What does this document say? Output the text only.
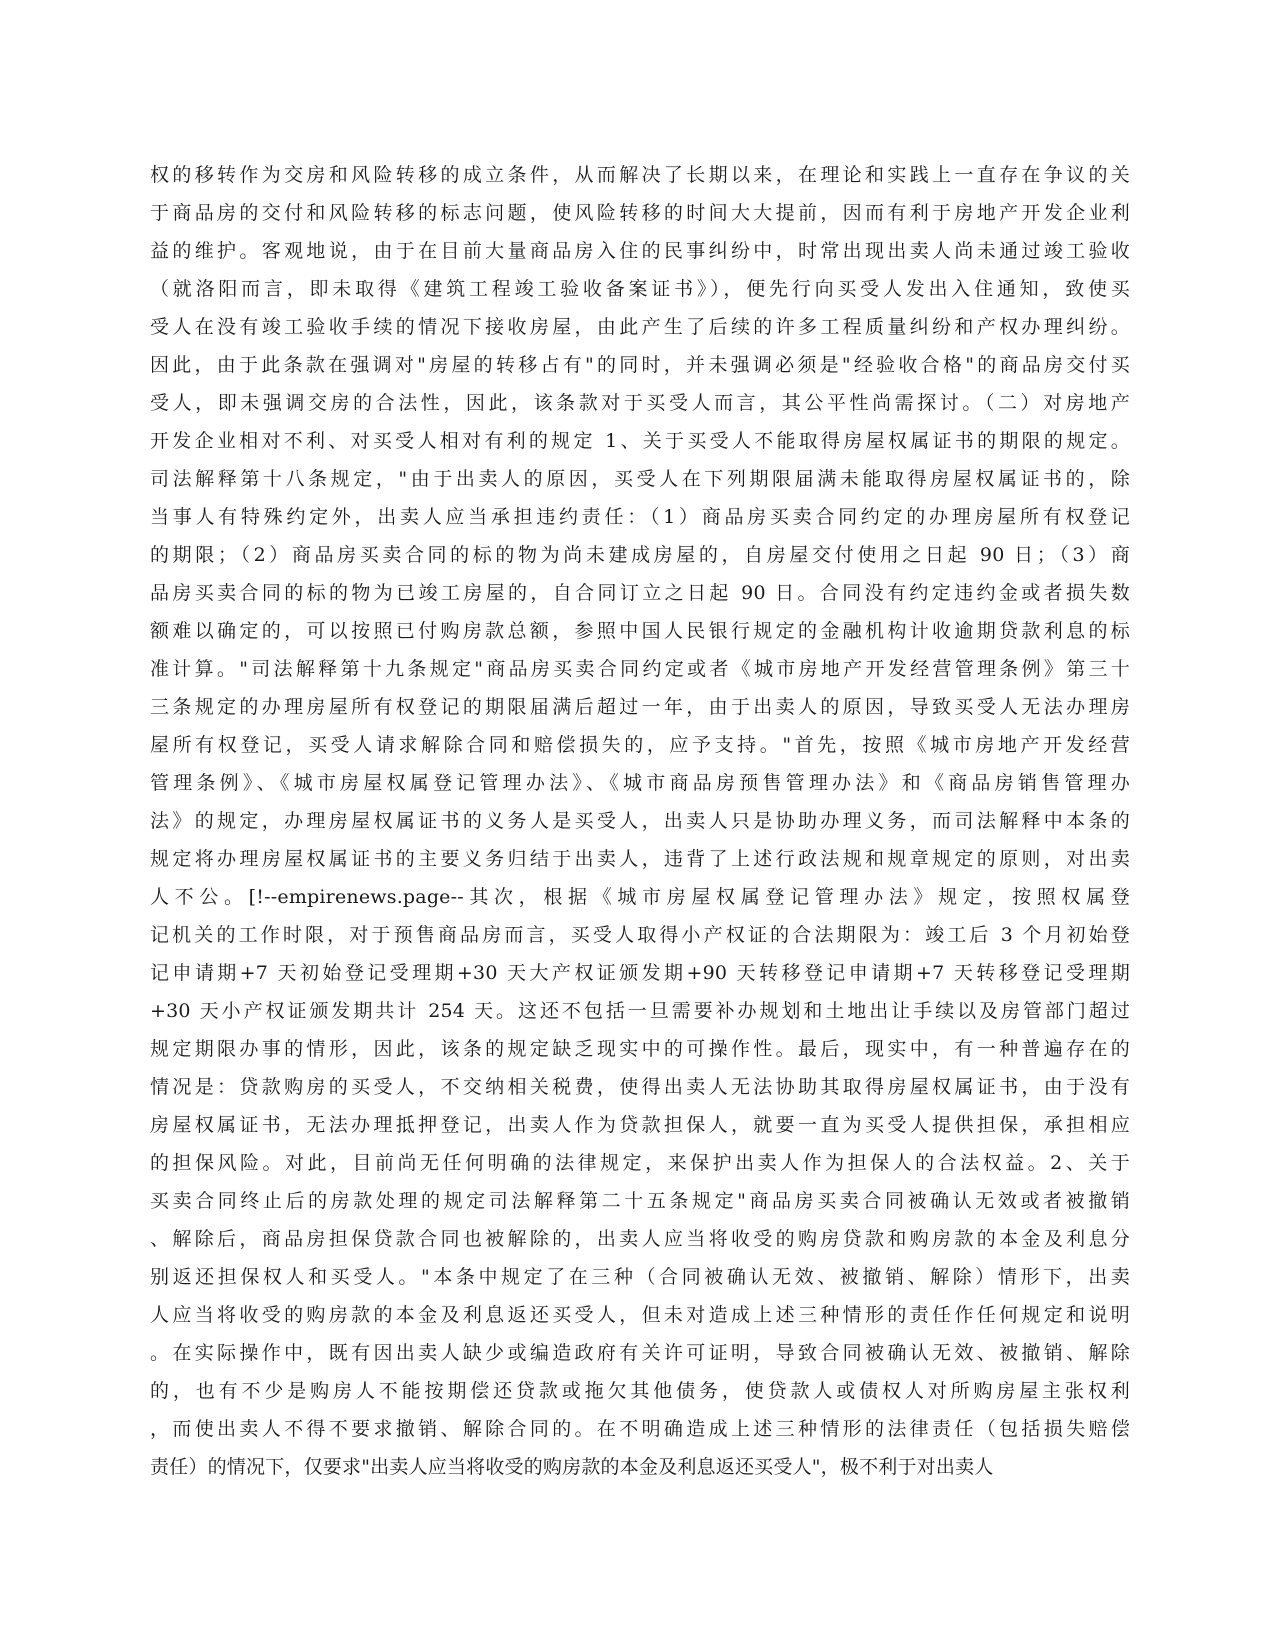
权的移转作为交房和风险转移的成立条件，从而解决了长期以来，在理论和实践上一直存在争议的关
于商品房的交付和风险转移的标志问题，使风险转移的时间大大提前，因而有利于房地产开发企业利
益的维护。客观地说，由于在目前大量商品房入住的民事纠纷中，时常出现出卖人尚未通过竣工验收
（就洛阳而言，即未取得《建筑工程竣工验收备案证书》），便先行向买受人发出入住通知，致使买
受人在没有竣工验收手续的情况下接收房屋，由此产生了后续的许多工程质量纠纷和产权办理纠纷。
因此，由于此条款在强调对"房屋的转移占有"的同时，并未强调必须是"经验收合格"的商品房交付买
受人，即未强调交房的合法性，因此，该条款对于买受人而言，其公平性尚需探讨。（二）对房地产
开发企业相对不利、对买受人相对有利的规定 1、关于买受人不能取得房屋权属证书的期限的规定。
司法解释第十八条规定，"由于出卖人的原因，买受人在下列期限届满未能取得房屋权属证书的，除
当事人有特殊约定外，出卖人应当承担违约责任：（1）商品房买卖合同约定的办理房屋所有权登记
的期限；（2）商品房买卖合同的标的物为尚未建成房屋的，自房屋交付使用之日起 90 日；（3）商
品房买卖合同的标的物为已竣工房屋的，自合同订立之日起 90 日。合同没有约定违约金或者损失数
额难以确定的，可以按照已付购房款总额，参照中国人民银行规定的金融机构计收逾期贷款利息的标
准计算。"司法解释第十九条规定"商品房买卖合同约定或者《城市房地产开发经营管理条例》第三十
三条规定的办理房屋所有权登记的期限届满后超过一年，由于出卖人的原因，导致买受人无法办理房
屋所有权登记，买受人请求解除合同和赔偿损失的，应予支持。"首先，按照《城市房地产开发经营
管理条例》、《城市房屋权属登记管理办法》、《城市商品房预售管理办法》和《商品房销售管理办
法》的规定，办理房屋权属证书的义务人是买受人，出卖人只是协助办理义务，而司法解释中本条的
规定将办理房屋权属证书的主要义务归结于出卖人，违背了上述行政法规和规章规定的原则，对出卖
人不公。[!--empirenews.page--其次，根据《城市房屋权属登记管理办法》规定，按照权属登
记机关的工作时限，对于预售商品房而言，买受人取得小产权证的合法期限为：竣工后 3 个月初始登
记申请期+7 天初始登记受理期+30 天大产权证颁发期+90 天转移登记申请期+7 天转移登记受理期
+30 天小产权证颁发期共计 254 天。这还不包括一旦需要补办规划和土地出让手续以及房管部门超过
规定期限办事的情形，因此，该条的规定缺乏现实中的可操作性。最后，现实中，有一种普遍存在的
情况是：贷款购房的买受人，不交纳相关税费，使得出卖人无法协助其取得房屋权属证书，由于没有
房屋权属证书，无法办理抵押登记，出卖人作为贷款担保人，就要一直为买受人提供担保，承担相应
的担保风险。对此，目前尚无任何明确的法律规定，来保护出卖人作为担保人的合法权益。2、关于
买卖合同终止后的房款处理的规定司法解释第二十五条规定"商品房买卖合同被确认无效或者被撤销
、解除后，商品房担保贷款合同也被解除的，出卖人应当将收受的购房贷款和购房款的本金及利息分
别返还担保权人和买受人。"本条中规定了在三种（合同被确认无效、被撤销、解除）情形下，出卖
人应当将收受的购房款的本金及利息返还买受人，但未对造成上述三种情形的责任作任何规定和说明
。在实际操作中，既有因出卖人缺少或编造政府有关许可证明，导致合同被确认无效、被撤销、解除
的，也有不少是购房人不能按期偿还贷款或拖欠其他债务，使贷款人或债权人对所购房屋主张权利
，而使出卖人不得不要求撤销、解除合同的。在不明确造成上述三种情形的法律责任（包括损失赔偿
责任）的情况下，仅要求"出卖人应当将收受的购房款的本金及利息返还买受人"，极不利于对出卖人
